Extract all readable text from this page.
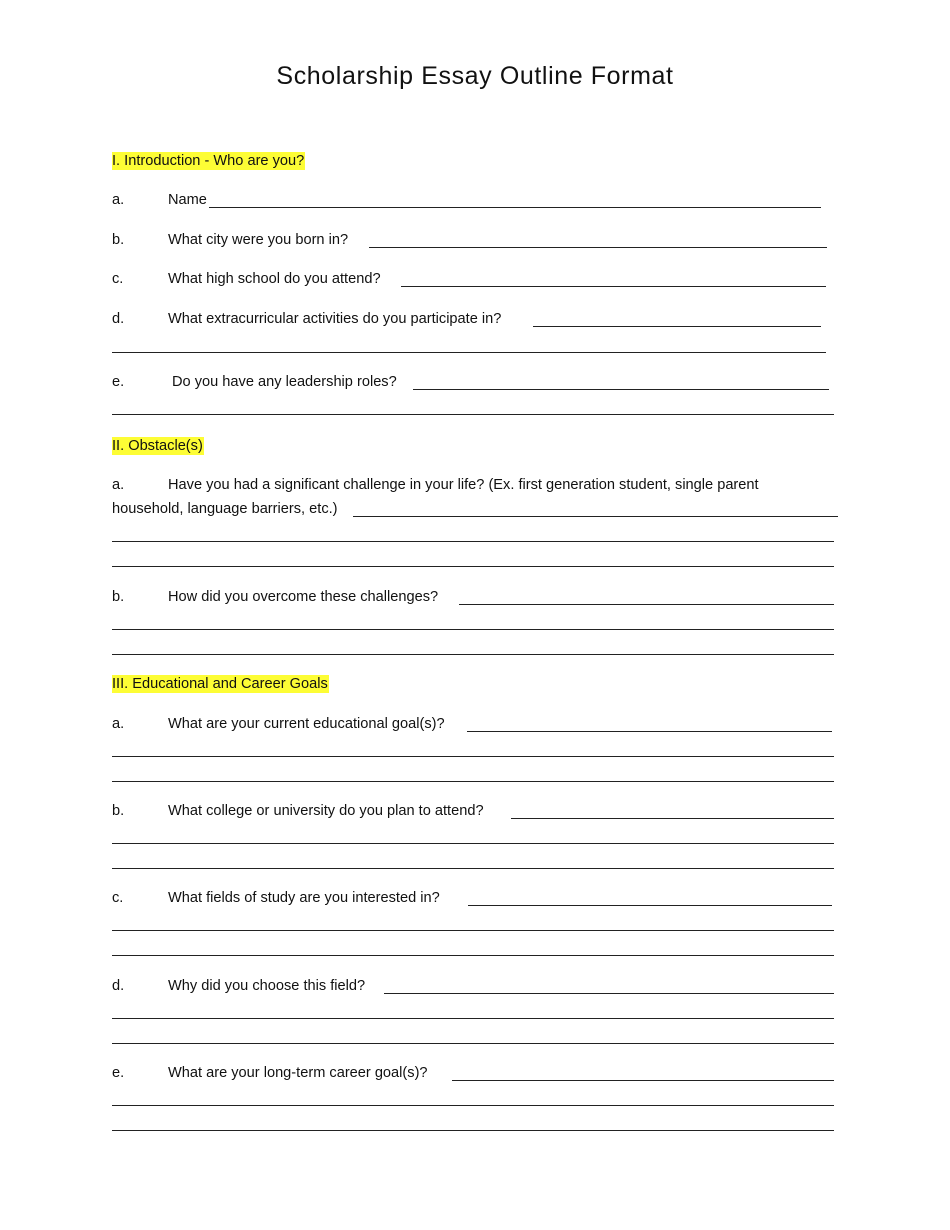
Scholarship Essay Outline Format
I. Introduction - Who are you?
a.	Name
b.	What city were you born in?
c.	What high school do you attend?
d.	What extracurricular activities do you participate in?
e.	Do you have any leadership roles?
II. Obstacle(s)
a.	Have you had a significant challenge in your life? (Ex. first generation student, single parent
household, language barriers, etc.)
b.	How did you overcome these challenges?
III. Educational and Career Goals
a.	What are your current educational goal(s)?
b.	What college or university do you plan to attend?
c.	What fields of study are you interested in?
d.	Why did you choose this field?
e.	What are your long-term career goal(s)?
